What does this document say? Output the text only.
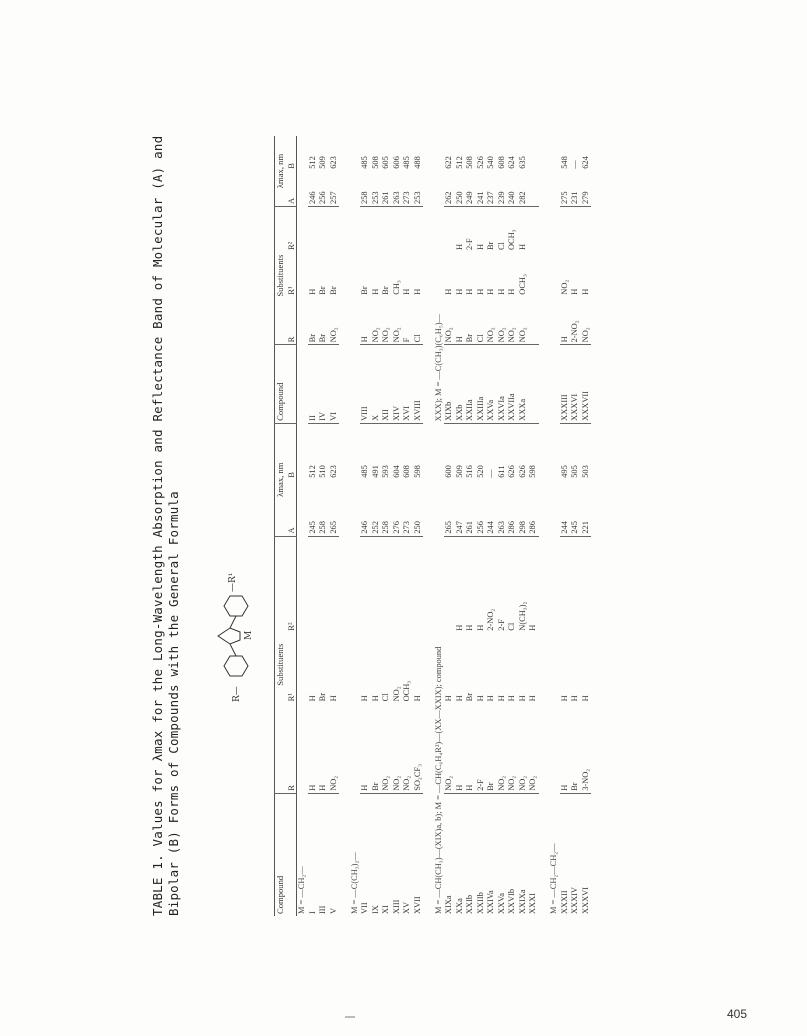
TABLE 1. Values for λmax for the Long-Wavelength Absorption and Reflectance Band of Molecular (A) and Bipolar (B) Forms of Compounds with the General Formula	R—
—R¹
M
Compound	Substituents			λmax, nm		Compound	Substituents			λmax, nm	
	R	R¹	R²	A	B		R	R¹	R²	A	B
M = —CH₂—											
I	H	H		245	512	II	Br	H		246	512
III	H	Br		258	510	IV	Br	Br		256	509
V	NO₂	H		265	623	VI	NO₂	Br		257	623

M = —C(CH₃)₂—											
VII	H	H		246	485	VIII	H	Br		258	485
IX	Br	H		252	491	X	NO₂	H		253	508
XI	NO₂	Cl		258	593	XII	NO₂	Br		261	605
XIII	NO₂	NO₂		276	604	XIV	NO₂	CH₃		263	606
XV	NO₂	OCH₃		273	608	XVI	F	H		273	485
XVII	SO₂CF₃	H		250	598	XVIII	Cl	H		253	488

M = —CH(CH₃)—(XIX)a, b); M = —CH(C₆H₄R²)—(XX—XXIX); compound						XXX); M = —C(CH₃)(C₆H₅)—					
XIXa	NO₂	H		265	600	XIXb	NO₂	H		262	622
XXa	H	H	H	247	509	XXb	H	H	H	250	512
XXIb	H	Br	H	261	516	XXIIa	Br	H	2-F	249	508
XXIIb	2-F	H	H	256	520	XXIIIa	Cl	H	H	241	526
XXIVa	Br	H	2-NO₂	244	—	XXVa	NO₂	H	Br	237	540
XXVa	NO₂	H	2-F	263	611	XXVIa	NO₂	H	Cl	239	608
XXVIb	NO₂	H	Cl	286	626	XXVIIa	NO₂	H	OCH₃	240	624
XXIXa	NO₂	H	N(CH₃)₂	298	626	XXXa	NO₂	OCH₃	H	282	635
XXXI	NO₂	H	H	286	598						

M = —CH₂—CH₂—											
XXXII	H	H		244	495	XXXIII	H	NO₂		275	548
XXXIV	Br	H		245	505	XXXVI	2-NO₂	H		231	—
XXXVI	3-NO₂	H		221	503	XXXVII	NO₂	H		279	624

405
